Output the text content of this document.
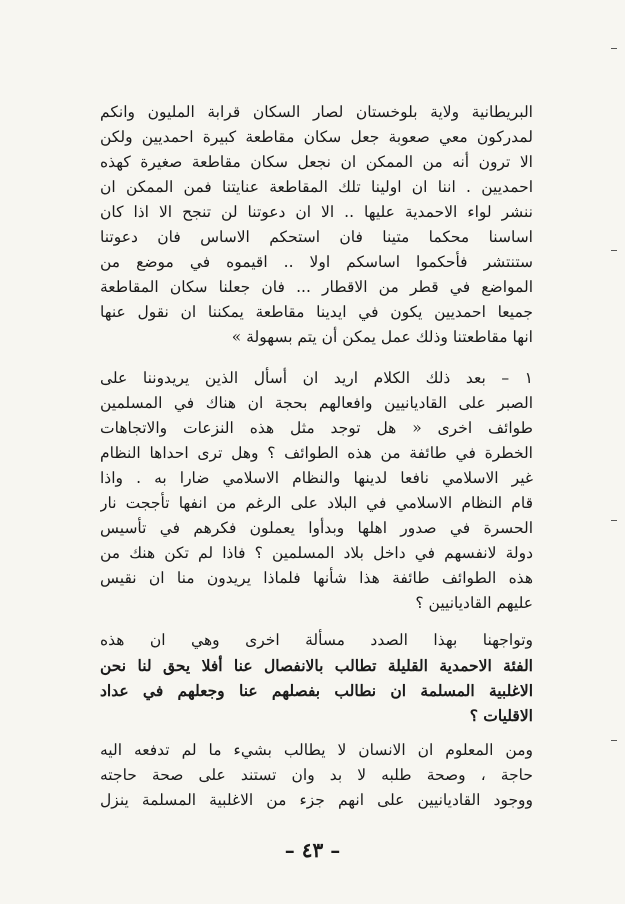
البريطانية ولاية بلوخستان لصار السكان قرابة المليون وانكم
لمدركون معي صعوبة جعل سكان مقاطعة كبيرة احمديين ولكن
الا ترون أنه من الممكن ان نجعل سكان مقاطعة صغيرة كهذه
احمديين . اننا ان اولينا تلك المقاطعة عنايتنا فمن الممكن ان
ننشر لواء الاحمدية عليها .. الا ان دعوتنا لن تنجح الا اذا كان
اساسنا محكما متينا فان استحكم الاساس فان دعوتنا
ستنتشر فأحكموا اساسكم اولا .. اقيموه في موضع من
المواضع في قطر من الاقطار ... فان جعلنا سكان المقاطعة
جميعا احمديين يكون في ايدينا مقاطعة يمكننا ان نقول عنها
انها مقاطعتنا وذلك عمل يمكن أن يتم بسهولة »
١ – بعد ذلك الكلام اريد ان أسأل الذين يريدوننا على
الصبر على القاديانيين وافعالهم بحجة ان هناك في المسلمين
طوائف اخرى « هل توجد مثل هذه النزعات والاتجاهات
الخطرة في طائفة من هذه الطوائف ؟ وهل ترى احداها النظام
غير الاسلامي نافعا لدينها والنظام الاسلامي ضارا به . واذا
قام النظام الاسلامي في البلاد على الرغم من انفها تأججت نار
الحسرة في صدور اهلها وبدأوا يعملون فكرهم في تأسيس
دولة لانفسهم في داخل بلاد المسلمين ؟ فاذا لم تكن هنك من
هذه الطوائف طائفة هذا شأنها فلماذا يريدون منا ان نقيس
عليهم القاديانيين ؟
وتواجهنا بهذا الصدد مسألة اخرى وهي ان هذه
الفئة الاحمدية القليلة تطالب بالانفصال عنا أفلا يحق لنا نحن
الاغلبية المسلمة ان نطالب بفصلهم عنا وجعلهم في عداد
الاقليات ؟
ومن المعلوم ان الانسان لا يطالب بشيء ما لم تدفعه اليه
حاجة ، وصحة طلبه لا بد وان تستند على صحة حاجته
ووجود القاديانيين على انهم جزء من الاغلبية المسلمة ينزل
– ٤٣ –
